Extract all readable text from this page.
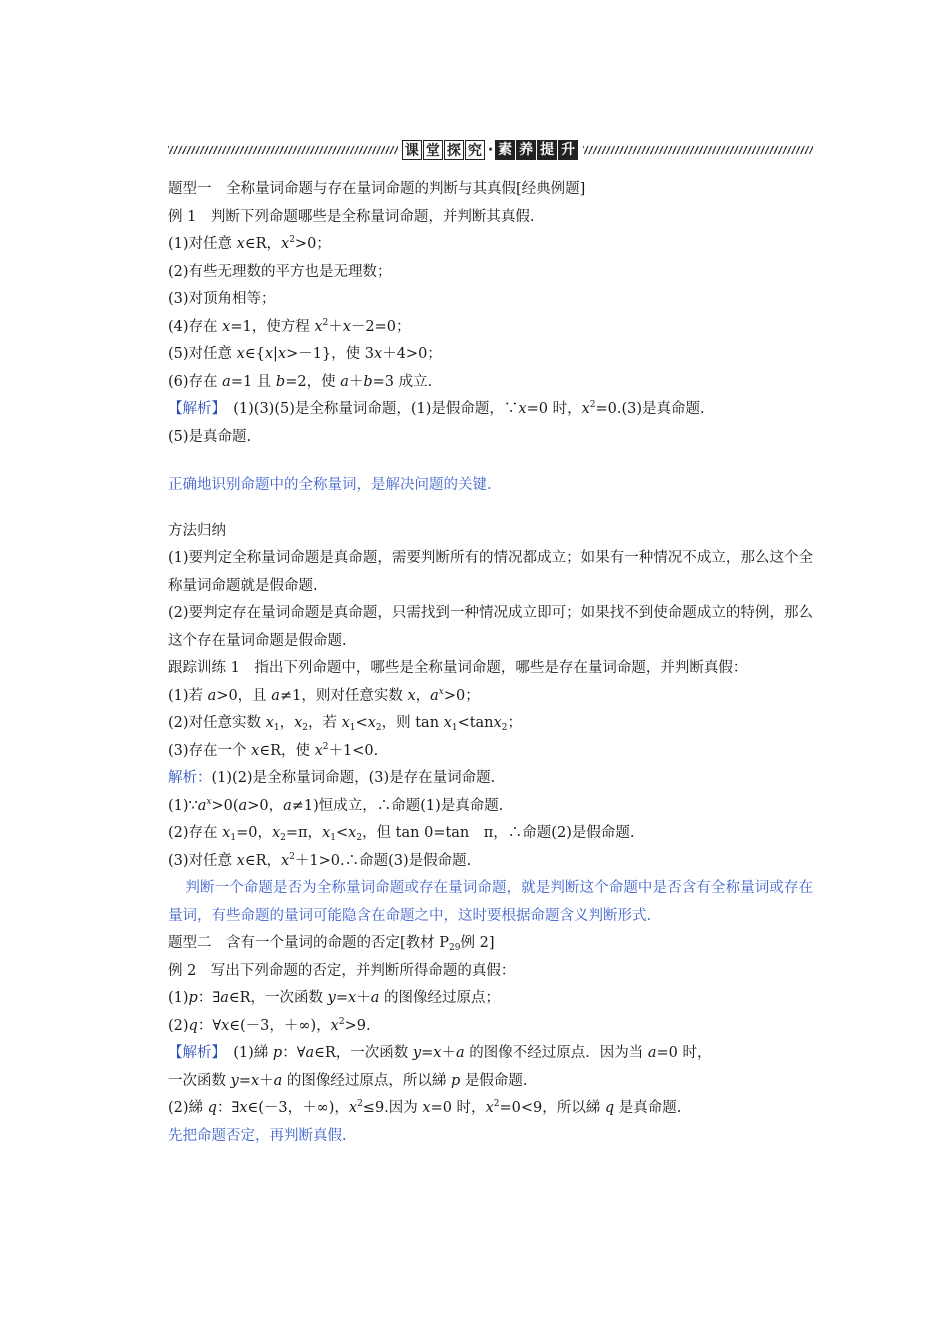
课 堂 探 究 · 素 养 提 升
题型一　全称量词命题与存在量词命题的判断与其真假[经典例题]
例 1　判断下列命题哪些是全称量词命题，并判断其真假.
(1)对任意 x∈R，$x^2>0$；
(2)有些无理数的平方也是无理数；
(3)对顶角相等；
(4)存在 x=1，使方程 $x^2+x-2=0$；
(5)对任意 x∈{x|x>－1}，使 3x＋4>0；
(6)存在 a=1 且 b=2，使 a＋b=3 成立.
【解析】　(1)(3)(5)是全称量词命题，(1)是假命题，∵x=0 时，$x^2=0.(3)$是真命题.
(5)是真命题.
正确地识别命题中的全称量词，是解决问题的关键.
方法归纳
(1)要判定全称量词命题是真命题，需要判断所有的情况都成立；如果有一种情况不成立，那么这个全称量词命题就是假命题.
(2)要判定存在量词命题是真命题，只需找到一种情况成立即可；如果找不到使命题成立的特例，那么这个存在量词命题是假命题.
跟踪训练 1　指出下列命题中，哪些是全称量词命题，哪些是存在量词命题，并判断真假：
(1)若 a>0，且 a≠1，则对任意实数 x，$a^x>0$；
(2)对任意实数 $x_1$，$x_2$，若 $x_1<x_2$，则 $\tan x_1<\tan x_2$；
(3)存在一个 x∈R，使 $x^2+1<0$.
解析：(1)(2)是全称量词命题，(3)是存在量词命题.
$(1)\because a^x>0(a>0$，a≠1)恒成立，∴命题(1)是真命题.
(2)存在 $x_1=0$，$x_2=\pi$，$x_1<x_2$，但 tan 0=tan　π，∴命题(2)是假命题.
(3)对任意 x∈R，$x^2+1>0.\therefore$命题(3)是假命题.
判断一个命题是否为全称量词命题或存在量词命题，就是判断这个命题中是否含有全称量词或存在量词，有些命题的量词可能隐含在命题之中，这时要根据命题含义判断形式.
题型二　含有一个量词的命题的否定[教材 $P_{29}$例 2]
例 2　写出下列命题的否定，并判断所得命题的真假：
(1)p：∃a∈R，一次函数 y=x＋a 的图像经过原点；
(2)q：∀x∈(－3，＋∞)，$x^2>9$.
【解析】　(1)綈 p：∀a∈R，一次函数 y=x＋a 的图像不经过原点．因为当 a=0 时，
一次函数 y=x＋a 的图像经过原点，所以綈 p 是假命题.
(2)綈 q：∃x∈(－3，＋∞)，$x^2\le 9$.因为 x=0 时，$x^2=0<9$，所以綈 q 是真命题.
先把命题否定，再判断真假.
